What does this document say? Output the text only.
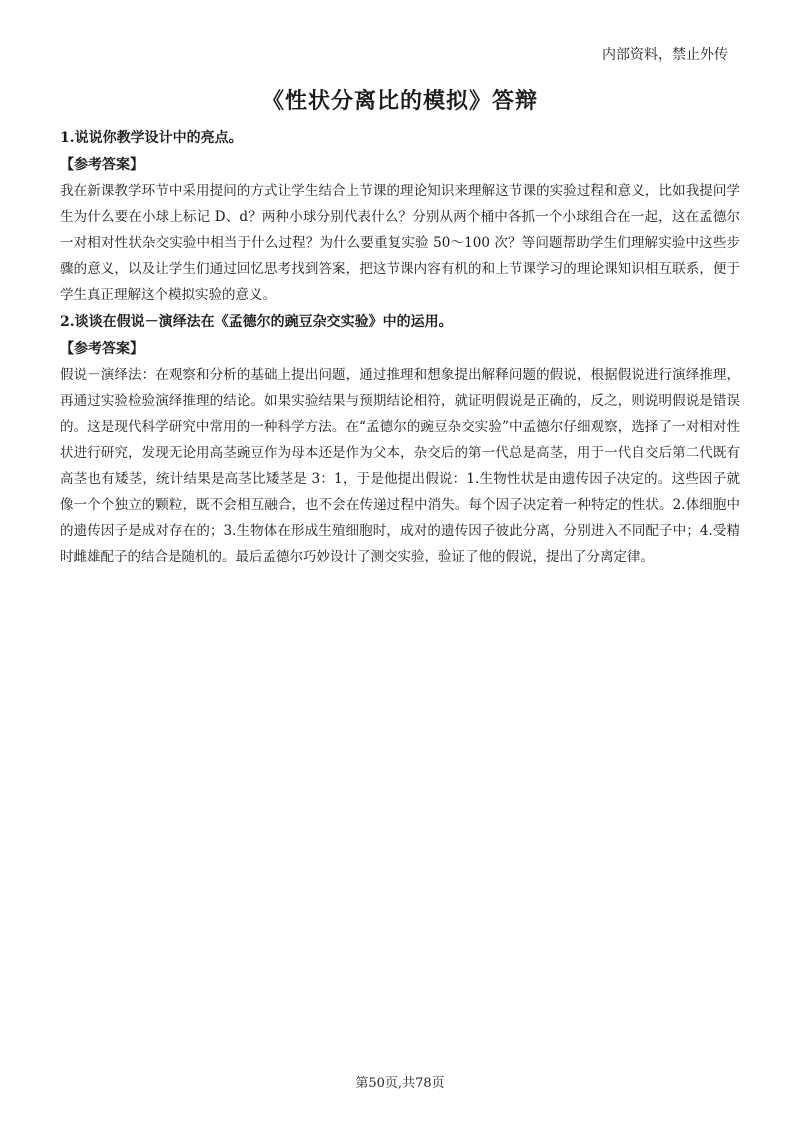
内部资料，禁止外传
《性状分离比的模拟》答辩

1.说说你教学设计中的亮点。

【参考答案】

我在新课教学环节中采用提问的方式让学生结合上节课的理论知识来理解这节课的实验过程和意义，比如我提问学生为什么要在小球上标记 D、d？两种小球分别代表什么？分别从两个桶中各抓一个小球组合在一起，这在孟德尔一对相对性状杂交实验中相当于什么过程？为什么要重复实验 50～100 次？等问题帮助学生们理解实验中这些步骤的意义，以及让学生们通过回忆思考找到答案，把这节课内容有机的和上节课学习的理论课知识相互联系，便于学生真正理解这个模拟实验的意义。

2.谈谈在假说－演绎法在《孟德尔的豌豆杂交实验》中的运用。

【参考答案】

假说－演绎法：在观察和分析的基础上提出问题，通过推理和想象提出解释问题的假说，根据假说进行演绎推理，再通过实验检验演绎推理的结论。如果实验结果与预期结论相符，就证明假说是正确的，反之，则说明假说是错误的。这是现代科学研究中常用的一种科学方法。在“孟德尔的豌豆杂交实验”中孟德尔仔细观察，选择了一对相对性状进行研究，发现无论用高茎豌豆作为母本还是作为父本，杂交后的第一代总是高茎，用于一代自交后第二代既有高茎也有矮茎，统计结果是高茎比矮茎是 3：1，于是他提出假说：1.生物性状是由遗传因子决定的。这些因子就像一个个独立的颗粒，既不会相互融合，也不会在传递过程中消失。每个因子决定着一种特定的性状。2.体细胞中的遗传因子是成对存在的；3.生物体在形成生殖细胞时，成对的遗传因子彼此分离，分别进入不同配子中；4.受精时雌雄配子的结合是随机的。最后孟德尔巧妙设计了测交实验，验证了他的假说，提出了分离定律。

第50页,共78页
